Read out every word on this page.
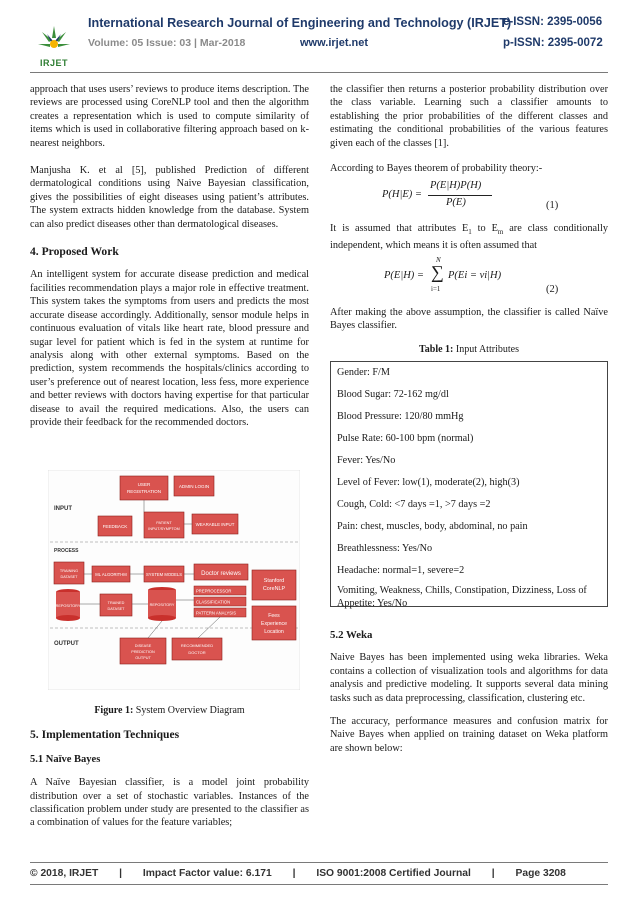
IRJET
International Research Journal of Engineering and Technology (IRJET)
e-ISSN: 2395-0056
Volume: 05 Issue: 03 | Mar-2018	www.irjet.net	p-ISSN: 2395-0072

approach that uses users’ reviews to produce items description. The reviews are processed using CoreNLP tool and then the algorithm creates a representation which is used to compute similarity of items which is used in collaborative filtering approach based on k-nearest neighbors.

Manjusha K. et al [5], published Prediction of different dermatological conditions using Naive Bayesian classification, gives the possibilities of eight diseases using patient’s attributes. The system extracts hidden knowledge from the database. System can also predict diseases other than dermatological diseases.

4. Proposed Work

An intelligent system for accurate disease prediction and medical facilities recommendation plays a major role in effective treatment. This system takes the symptoms from users and predicts the most accurate disease accordingly. Additionally, sensor module helps in continuous evaluation of vitals like heart rate, blood pressure and sugar level for patient which is fed in the system at runtime for analysis along with other external symptoms. Based on the prediction, system recommends the hospitals/clinics according to user’s preference out of nearest location, less fess, more experience and better reviews with doctors having expertise for that particular disease to avail the required medications. Also, the users can provide their feedback for the recommended doctors.

INPUT
PROCESS
OUTPUT
USER
REGISTRATION
ADMIN LOGIN
FEEDBACK
PATIENT
INPUT/SYMPTOM
WEARABLE INPUT
TRAINING
DATASET	ML ALGORITHM	SYSTEM MODELS	Doctor reviews
Stanford
CoreNLP
REPOSITORY
TRAINED
DATASET
REPOSITORY
PREPROCESSOR
CLASSIFICATION
PATTERN ANALYSIS	Fees
Experience
Location
DISEASE
PREDICTION
OUTPUT
RECOMMENDED
DOCTOR

Figure 1: System Overview Diagram

5. Implementation Techniques

5.1 Naïve Bayes

A Naïve Bayesian classifier, is a model joint probability distribution over a set of stochastic variables. Instances of the classification problem under study are presented to the classifier as a combination of values for the feature variables;

the classifier then returns a posterior probability distribution over the class variable. Learning such a classifier amounts to establishing the prior probabilities of the different classes and estimating the conditional probabilities of the various features given each of the classes [1].

According to Bayes theorem of probability theory:-

P(H|E) =
P(E|H)P(H)
P(E)	(1)

It is assumed that attributes $E_1$ to $E_m$ are class conditionally independent, which means it is often assumed that

P(E|H) =
N
∑
i=1
P(Ei = vi|H)
(2)

After making the above assumption, the classifier is called Naïve Bayes classifier.

Table 1: Input Attributes

Gender: F/M
Blood Sugar: 72-162 mg/dl
Blood Pressure: 120/80 mmHg
Pulse Rate: 60-100 bpm (normal)
Fever: Yes/No
Level of Fever: low(1), moderate(2), high(3)
Cough, Cold: <7 days =1, >7 days =2
Pain: chest, muscles, body, abdominal, no pain
Breathlessness: Yes/No
Headache: normal=1, severe=2
Vomiting, Weakness, Chills, Constipation, Dizziness, Loss of Appetite: Yes/No

5.2 Weka

Naive Bayes has been implemented using weka libraries. Weka contains a collection of visualization tools and algorithms for data analysis and predictive modeling. It supports several data mining tasks such as data preprocessing, classification, clustering etc.

The accuracy, performance measures and confusion matrix for Naive Bayes when applied on training dataset on Weka platform are shown below:

© 2018, IRJET | Impact Factor value: 6.171 | ISO 9001:2008 Certified Journal | Page 3208
